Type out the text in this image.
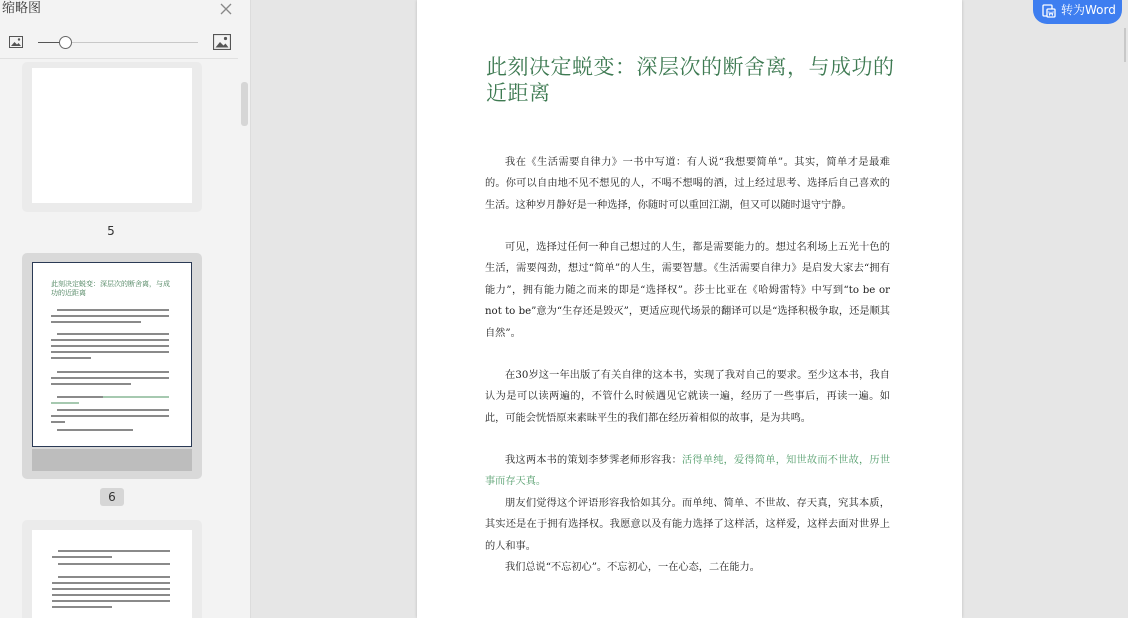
缩略图
5
此刻决定蜕变：深层次的断舍离，与成功的近距离
6
此刻决定蜕变：深层次的断舍离，与成功的近距离

我在《生活需要自律力》一书中写道：有人说“我想要简单”。其实，简单才是最难的。你可以自由地不见不想见的人，不喝不想喝的酒，过上经过思考、选择后自己喜欢的生活。这种岁月静好是一种选择，你随时可以重回江湖，但又可以随时退守宁静。

可见，选择过任何一种自己想过的人生，都是需要能力的。想过名利场上五光十色的生活，需要闯劲，想过“简单”的人生，需要智慧。《生活需要自律力》是启发大家去“拥有能力”，拥有能力随之而来的即是“选择权”。莎士比亚在《哈姆雷特》中写到“to be or not to be”意为“生存还是毁灭”，更适应现代场景的翻译可以是“选择积极争取，还是顺其自然”。

在30岁这一年出版了有关自律的这本书，实现了我对自己的要求。至少这本书，我自认为是可以读两遍的，不管什么时候遇见它就读一遍，经历了一些事后，再读一遍。如此，可能会恍悟原来素昧平生的我们都在经历着相似的故事，是为共鸣。

我这两本书的策划李梦霁老师形容我：活得单纯，爱得简单，知世故而不世故，历世事而存天真。

朋友们觉得这个评语形容我恰如其分。而单纯、简单、不世故、存天真，究其本质，其实还是在于拥有选择权。我愿意以及有能力选择了这样活，这样爱，这样去面对世界上的人和事。

我们总说“不忘初心”。不忘初心，一在心态，二在能力。

转为Word
